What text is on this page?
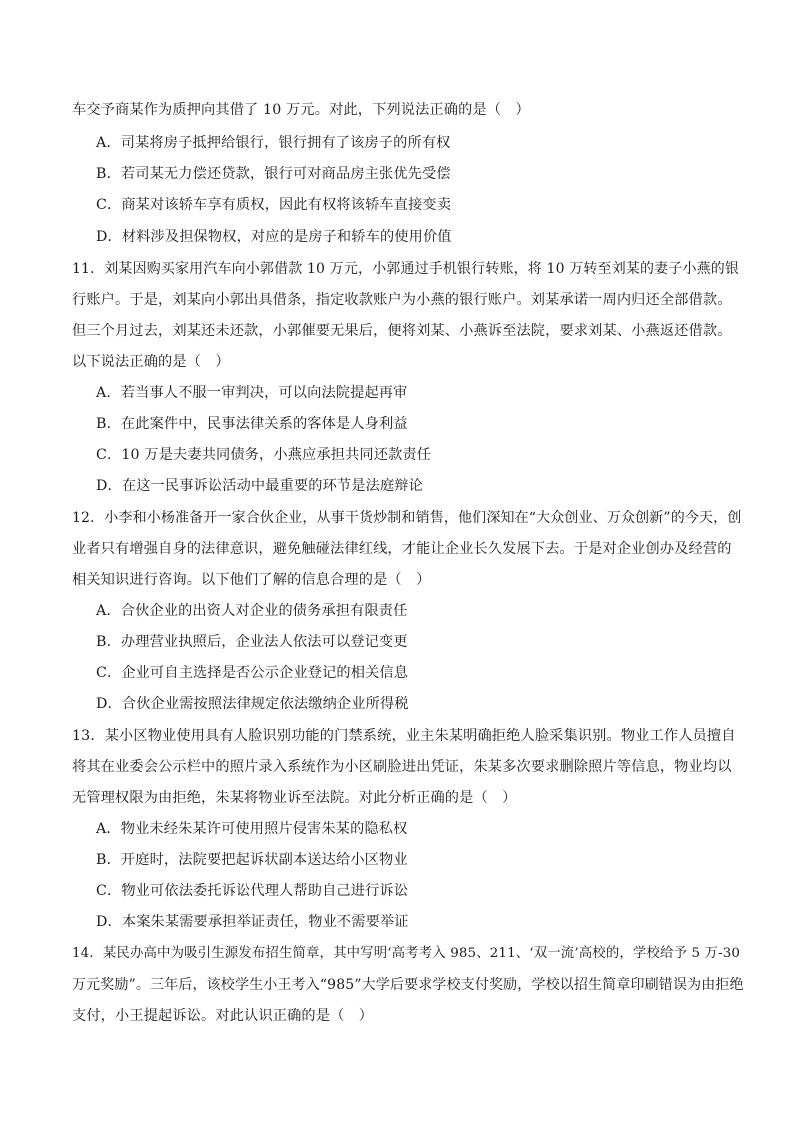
车交予商某作为质押向其借了 10 万元。对此，下列说法正确的是（　）
A．司某将房子抵押给银行，银行拥有了该房子的所有权
B．若司某无力偿还贷款，银行可对商品房主张优先受偿
C．商某对该轿车享有质权，因此有权将该轿车直接变卖
D．材料涉及担保物权，对应的是房子和轿车的使用价值
11．刘某因购买家用汽车向小郭借款 10 万元，小郭通过手机银行转账，将 10 万转至刘某的妻子小燕的银
行账户。于是，刘某向小郭出具借条，指定收款账户为小燕的银行账户。刘某承诺一周内归还全部借款。
但三个月过去，刘某还未还款，小郭催要无果后，便将刘某、小燕诉至法院，要求刘某、小燕返还借款。
以下说法正确的是（　）
A．若当事人不服一审判决，可以向法院提起再审
B．在此案件中，民事法律关系的客体是人身利益
C．10 万是夫妻共同债务，小燕应承担共同还款责任
D．在这一民事诉讼活动中最重要的环节是法庭辩论
12．小李和小杨准备开一家合伙企业，从事干货炒制和销售，他们深知在“大众创业、万众创新”的今天，创
业者只有增强自身的法律意识，避免触碰法律红线，才能让企业长久发展下去。于是对企业创办及经营的
相关知识进行咨询。以下他们了解的信息合理的是（　）
A．合伙企业的出资人对企业的债务承担有限责任
B．办理营业执照后，企业法人依法可以登记变更
C．企业可自主选择是否公示企业登记的相关信息
D．合伙企业需按照法律规定依法缴纳企业所得税
13．某小区物业使用具有人脸识别功能的门禁系统，业主朱某明确拒绝人脸采集识别。物业工作人员擅自
将其在业委会公示栏中的照片录入系统作为小区刷脸进出凭证，朱某多次要求删除照片等信息，物业均以
无管理权限为由拒绝，朱某将物业诉至法院。对此分析正确的是（　）
A．物业未经朱某许可使用照片侵害朱某的隐私权
B．开庭时，法院要把起诉状副本送达给小区物业
C．物业可依法委托诉讼代理人帮助自己进行诉讼
D．本案朱某需要承担举证责任，物业不需要举证
14．某民办高中为吸引生源发布招生简章，其中写明‘高考考入 985、211、‘双一流’高校的，学校给予 5 万-30
万元奖励”。三年后，该校学生小王考入“985”大学后要求学校支付奖励，学校以招生简章印刷错误为由拒绝
支付，小王提起诉讼。对此认识正确的是（　）
